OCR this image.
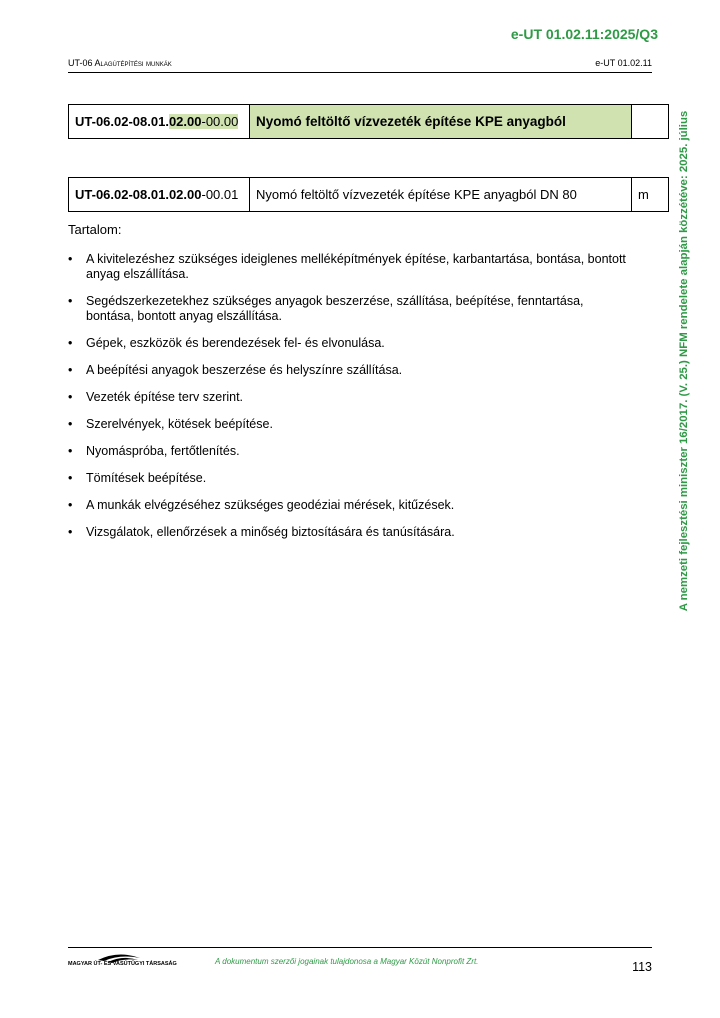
e-UT 01.02.11:2025/Q3
UT-06 Alagútépítési munkák	e-UT 01.02.11
UT-06.02-08.01.02.00-00.00	Nyomó feltöltő vízvezeték építése KPE anyagból	
UT-06.02-08.01.02.00-00.01	Nyomó feltöltő vízvezeték építése KPE anyagból DN 80	m
Tartalom:
• A kivitelezéshez szükséges ideiglenes melléképítmények építése, karbantartása, bontása, bontott anyag elszállítása.
• Segédszerkezetekhez szükséges anyagok beszerzése, szállítása, beépítése, fenntartása, bontása, bontott anyag elszállítása.
• Gépek, eszközök és berendezések fel- és elvonulása.
• A beépítési anyagok beszerzése és helyszínre szállítása.
• Vezeték építése terv szerint.
• Szerelvények, kötések beépítése.
• Nyomáspróba, fertőtlenítés.
• Tömítések beépítése.
• A munkák elvégzéséhez szükséges geodéziai mérések, kitűzések.
• Vizsgálatok, ellenőrzések a minőség biztosítására és tanúsítására.	A nemzeti fejlesztési miniszter 16/2017. (V. 25.) NFM rendelete alapján közzétéve: 2025. július
MAGYAR ÚT- ÉS VASÚTÜGYI TÁRSASÁG	A dokumentum szerzői jogainak tulajdonosa a Magyar Közút Nonprofit Zrt.	113
